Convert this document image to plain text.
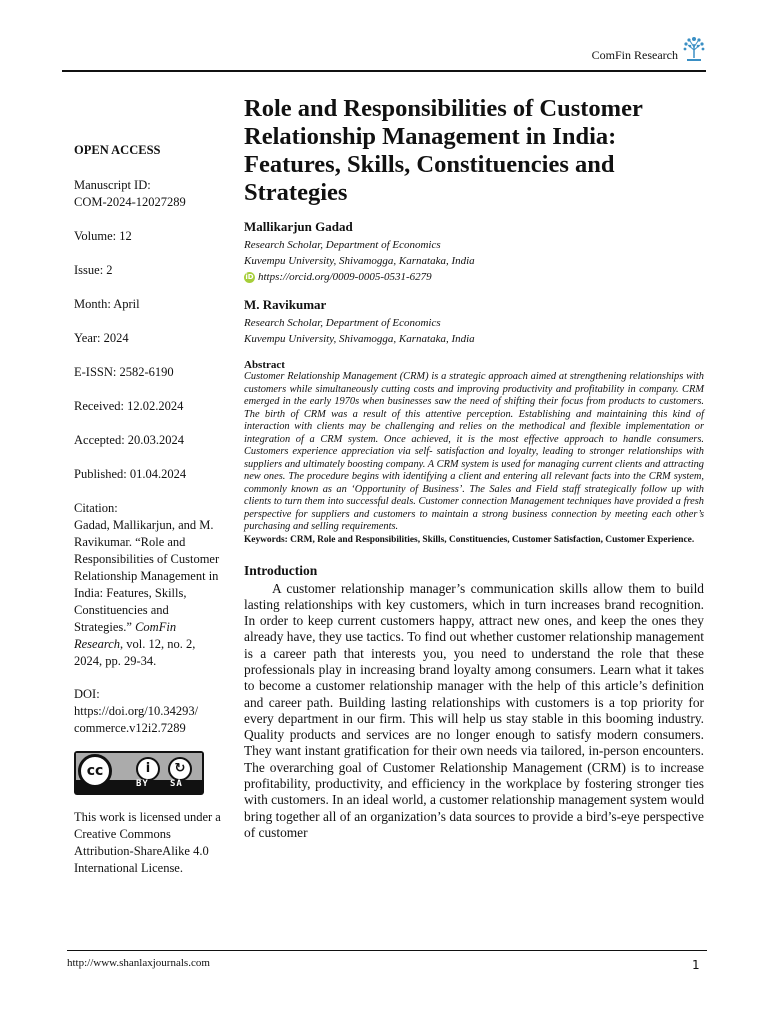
ComFin Research
OPEN ACCESS
Manuscript ID:
COM-2024-12027289
Volume: 12
Issue: 2
Month: April
Year: 2024
E-ISSN: 2582-6190
Received: 12.02.2024
Accepted: 20.03.2024
Published: 01.04.2024
Citation:
Gadad, Mallikarjun, and M. Ravikumar. “Role and Responsibilities of Customer Relationship Management in India: Features, Skills, Constituencies and Strategies.” ComFin Research, vol. 12, no. 2, 2024, pp. 29-34.
DOI:
https://doi.org/10.34293/
commerce.v12i2.7289
cc	i	↻
BY SA
This work is licensed under a Creative Commons Attribution-ShareAlike 4.0 International License.
Role and Responsibilities of Customer Relationship Management in India: Features, Skills, Constituencies and Strategies
Mallikarjun Gadad
Research Scholar, Department of Economics
Kuvempu University, Shivamogga, Karnataka, India
iD https://orcid.org/0009-0005-0531-6279
M. Ravikumar
Research Scholar, Department of Economics
Kuvempu University, Shivamogga, Karnataka, India
Abstract
Customer Relationship Management (CRM) is a strategic approach aimed at strengthening relationships with customers while simultaneously cutting costs and improving productivity and profitability in company. CRM emerged in the early 1970s when businesses saw the need of shifting their focus from products to customers. The birth of CRM was a result of this attentive perception. Establishing and maintaining this kind of interaction with clients may be challenging and relies on the methodical and flexible implementation or integration of a CRM system. Once achieved, it is the most effective approach to handle consumers. Customers experience appreciation via self- satisfaction and loyalty, leading to stronger relationships with suppliers and ultimately boosting company. A CRM system is used for managing current clients and attracting new ones. The procedure begins with identifying a client and entering all relevant facts into the CRM system, commonly known as an ‘Opportunity of Business’. The Sales and Field staff strategically follow up with clients to turn them into successful deals. Customer connection Management techniques have provided a fresh perspective for suppliers and customers to maintain a strong business connection by meeting each other’s purchasing and selling requirements.
Keywords: CRM, Role and Responsibilities, Skills, Constituencies, Customer Satisfaction, Customer Experience.
Introduction
A customer relationship manager’s communication skills allow them to build lasting relationships with key customers, which in turn increases brand recognition. In order to keep current customers happy, attract new ones, and keep the ones they already have, they use tactics. To find out whether customer relationship management is a career path that interests you, you need to understand the role that these professionals play in increasing brand loyalty among consumers. Learn what it takes to become a customer relationship manager with the help of this article’s definition and career path. Building lasting relationships with customers is a top priority for every department in our firm. This will help us stay stable in this booming industry. Quality products and services are no longer enough to satisfy modern consumers. They want instant gratification for their own needs via tailored, in-person encounters. The overarching goal of Customer Relationship Management (CRM) is to increase profitability, productivity, and efficiency in the workplace by fostering stronger ties with customers. In an ideal world, a customer relationship management system would bring together all of an organization’s data sources to provide a bird’s-eye perspective of customer
http://www.shanlaxjournals.com	1
